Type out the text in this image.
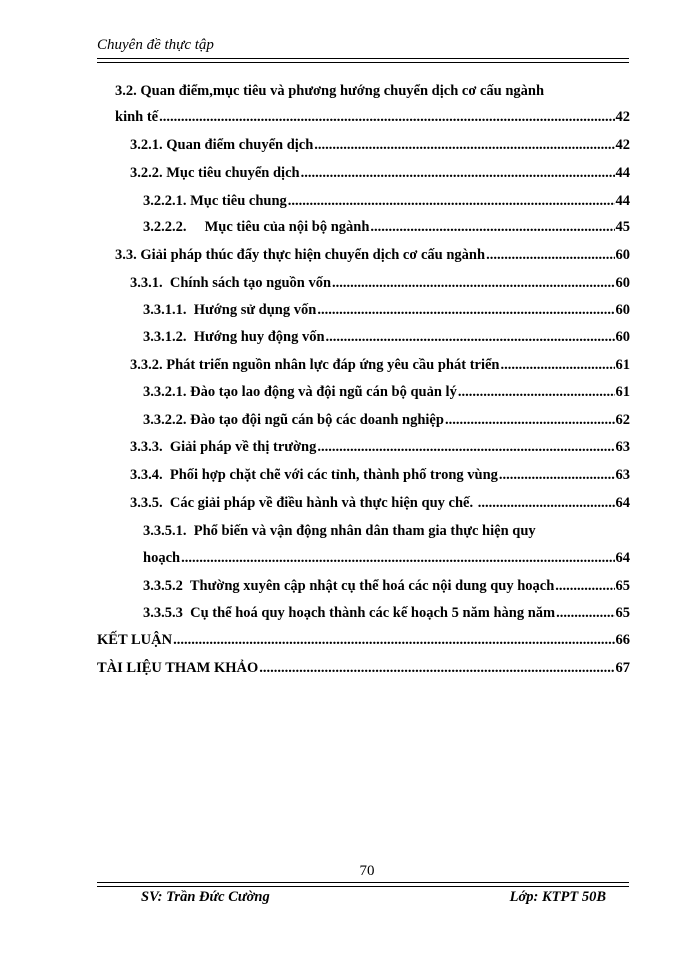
Chuyên đề thực tập
3.2. Quan điểm,mục tiêu và phương hướng chuyển dịch cơ cấu ngành
kinh tế .....	42
3.2.1. Quan điểm chuyển dịch .....	42
3.2.2. Mục tiêu chuyển dịch .....	44
3.2.2.1. Mục tiêu chung .....	44
3.2.2.2.     Mục tiêu của nội bộ ngành .....	45
3.3. Giải pháp thúc đẩy thực hiện chuyển dịch cơ cấu ngành .....	60
3.3.1.  Chính sách tạo nguồn vốn .....	60
3.3.1.1.  Hướng sử dụng vốn .....	60
3.3.1.2.  Hướng huy động vốn .....	60
3.3.2. Phát triển nguồn nhân lực đáp ứng yêu cầu phát triển .....	61
3.3.2.1. Đào tạo lao động và đội ngũ cán bộ quản lý .....	61
3.3.2.2. Đào tạo đội ngũ cán bộ các doanh nghiệp .....	62
3.3.3.  Giải pháp về thị trường .....	63
3.3.4.  Phối hợp chặt chẽ với các tỉnh, thành phố trong vùng .....	63
3.3.5.  Các giải pháp về điều hành và thực hiện quy chế. .....	64
3.3.5.1.  Phổ biến và vận động nhân dân tham gia thực hiện quy
hoạch .....	64
3.3.5.2  Thường xuyên cập nhật cụ thể hoá các nội dung quy hoạch .....	65
3.3.5.3  Cụ thể hoá quy hoạch thành các kế hoạch 5 năm hàng năm .....	65
KẾT LUẬN .....	66
TÀI LIỆU THAM KHẢO .....	67
70
SV: Trần Đức Cường	Lớp: KTPT 50B
